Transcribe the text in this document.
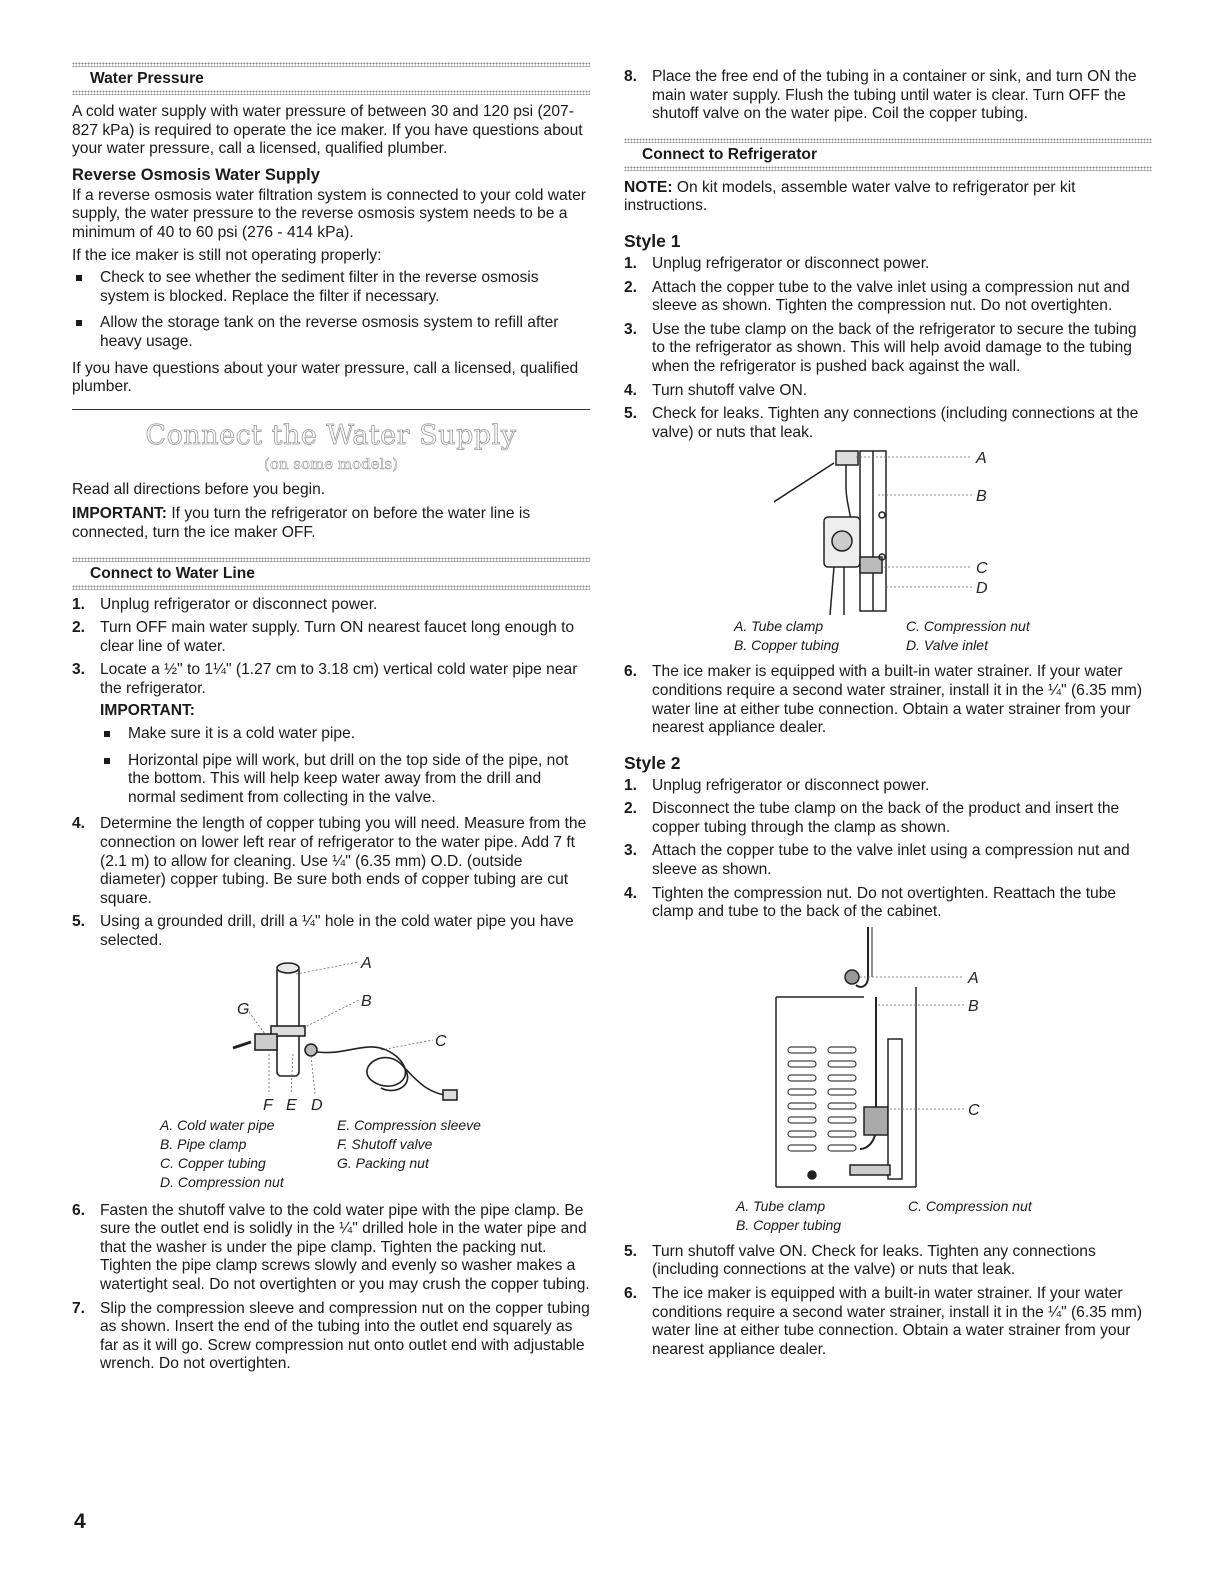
Water Pressure

A cold water supply with water pressure of between 30 and 120 psi (207-827 kPa) is required to operate the ice maker. If you have questions about your water pressure, call a licensed, qualified plumber.

Reverse Osmosis Water Supply

If a reverse osmosis water filtration system is connected to your cold water supply, the water pressure to the reverse osmosis system needs to be a minimum of 40 to 60 psi (276 - 414 kPa).

If the ice maker is still not operating properly:

Check to see whether the sediment filter in the reverse osmosis system is blocked. Replace the filter if necessary.
Allow the storage tank on the reverse osmosis system to refill after heavy usage.

If you have questions about your water pressure, call a licensed, qualified plumber.

Connect the Water Supply
(on some models)

Read all directions before you begin.

IMPORTANT: If you turn the refrigerator on before the water line is connected, turn the ice maker OFF.

Connect to Water Line
1. Unplug refrigerator or disconnect power.
2. Turn OFF main water supply. Turn ON nearest faucet long enough to clear line of water.
3. Locate a ½" to 1¼" (1.27 cm to 3.18 cm) vertical cold water pipe near the refrigerator.
IMPORTANT:
Make sure it is a cold water pipe.
Horizontal pipe will work, but drill on the top side of the pipe, not the bottom. This will help keep water away from the drill and normal sediment from collecting in the valve.
4. Determine the length of copper tubing you will need. Measure from the connection on lower left rear of refrigerator to the water pipe. Add 7 ft (2.1 m) to allow for cleaning. Use ¼" (6.35 mm) O.D. (outside diameter) copper tubing. Be sure both ends of copper tubing are cut square.
5. Using a grounded drill, drill a ¼" hole in the cold water pipe you have selected.
A
B
C
G
F E D
A. Cold water pipe
B. Pipe clamp
C. Copper tubing
D. Compression nut
E. Compression sleeve
F. Shutoff valve
G. Packing nut
6. Fasten the shutoff valve to the cold water pipe with the pipe clamp. Be sure the outlet end is solidly in the ¼" drilled hole in the water pipe and that the washer is under the pipe clamp. Tighten the packing nut. Tighten the pipe clamp screws slowly and evenly so washer makes a watertight seal. Do not overtighten or you may crush the copper tubing.
7. Slip the compression sleeve and compression nut on the copper tubing as shown. Insert the end of the tubing into the outlet end squarely as far as it will go. Screw compression nut onto outlet end with adjustable wrench. Do not overtighten.
8. Place the free end of the tubing in a container or sink, and turn ON the main water supply. Flush the tubing until water is clear. Turn OFF the shutoff valve on the water pipe. Coil the copper tubing.
Connect to Refrigerator

NOTE: On kit models, assemble water valve to refrigerator per kit instructions.

Style 1
1. Unplug refrigerator or disconnect power.
2. Attach the copper tube to the valve inlet using a compression nut and sleeve as shown. Tighten the compression nut. Do not overtighten.
3. Use the tube clamp on the back of the refrigerator to secure the tubing to the refrigerator as shown. This will help avoid damage to the tubing when the refrigerator is pushed back against the wall.
4. Turn shutoff valve ON.
5. Check for leaks. Tighten any connections (including connections at the valve) or nuts that leak.
A
B
C
D
A. Tube clamp
B. Copper tubing
C. Compression nut
D. Valve inlet
6. The ice maker is equipped with a built-in water strainer. If your water conditions require a second water strainer, install it in the ¼" (6.35 mm) water line at either tube connection. Obtain a water strainer from your nearest appliance dealer.
Style 2
1. Unplug refrigerator or disconnect power.
2. Disconnect the tube clamp on the back of the product and insert the copper tubing through the clamp as shown.
3. Attach the copper tube to the valve inlet using a compression nut and sleeve as shown.
4. Tighten the compression nut. Do not overtighten. Reattach the tube clamp and tube to the back of the cabinet.
A
B
C
A. Tube clamp
B. Copper tubing
C. Compression nut
5. Turn shutoff valve ON. Check for leaks. Tighten any connections (including connections at the valve) or nuts that leak.
6. The ice maker is equipped with a built-in water strainer. If your water conditions require a second water strainer, install it in the ¼" (6.35 mm) water line at either tube connection. Obtain a water strainer from your nearest appliance dealer.
4
